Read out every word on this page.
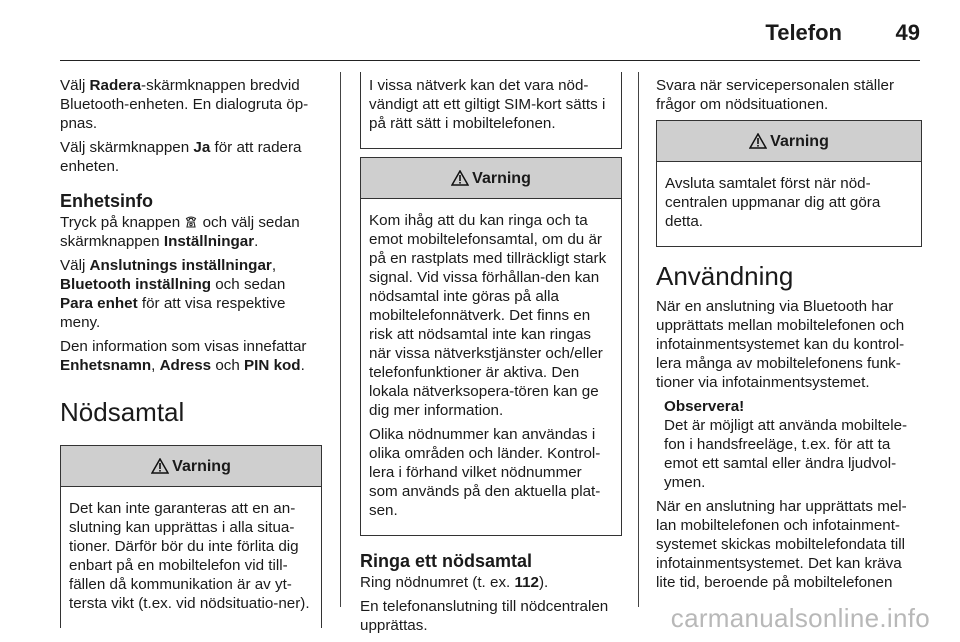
Telefon 49

Välj Radera-skärmknappen bredvid Bluetooth-enheten. En dialogruta öp-pnas.

Välj skärmknappen Ja för att radera enheten.

Enhetsinfo

Tryck på knappen  och välj sedan skärmknappen Inställningar.

Välj Anslutnings inställningar, Bluetooth inställning och sedan Para enhet för att visa respektive meny.

Den information som visas innefattar Enhetsnamn, Adress och PIN kod.

Nödsamtal
Varning

Det kan inte garanteras att en an-slutning kan upprättas i alla situa-tioner. Därför bör du inte förlita dig enbart på en mobiltelefon vid till-fällen då kommunikation är av yt-tersta vikt (t.ex. vid nödsituatio-ner).

I vissa nätverk kan det vara nöd-vändigt att ett giltigt SIM-kort sätts i på rätt sätt i mobiltelefonen.

Varning

Kom ihåg att du kan ringa och ta emot mobiltelefonsamtal, om du är på en rastplats med tillräckligt stark signal. Vid vissa förhållan-den kan nödsamtal inte göras på alla mobiltelefonnätverk. Det finns en risk att nödsamtal inte kan ringas när vissa nätverkstjänster och/eller telefonfunktioner är aktiva. Den lokala nätverksopera-tören kan ge dig mer information.

Olika nödnummer kan användas i olika områden och länder. Kontrol-lera i förhand vilket nödnummer som används på den aktuella plat-sen.

Ringa ett nödsamtal

Ring nödnumret (t. ex. 112).

En telefonanslutning till nödcentralen upprättas.

Svara när servicepersonalen ställer frågor om nödsituationen.

Varning

Avsluta samtalet först när nöd-centralen uppmanar dig att göra detta.

Användning

När en anslutning via Bluetooth har upprättats mellan mobiltelefonen och infotainmentsystemet kan du kontrol-lera många av mobiltelefonens funk-tioner via infotainmentsystemet.

Observera!

Det är möjligt att använda mobiltele-fon i handsfreeläge, t.ex. för att ta emot ett samtal eller ändra ljudvol-ymen.

När en anslutning har upprättats mel-lan mobiltelefonen och infotainment-systemet skickas mobiltelefondata till infotainmentsystemet. Det kan kräva lite tid, beroende på mobiltelefonen

carmanualsonline.info
